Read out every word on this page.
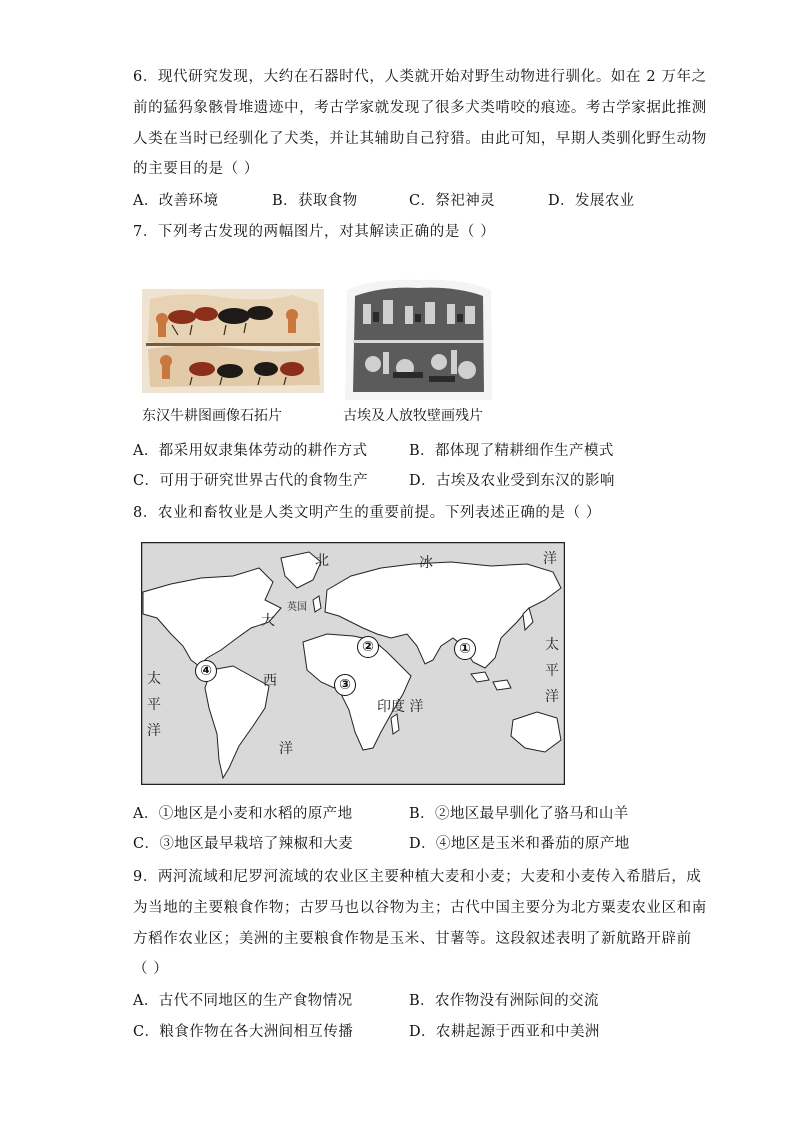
6．现代研究发现，大约在石器时代，人类就开始对野生动物进行驯化。如在 2 万年之
前的猛犸象骸骨堆遗迹中，考古学家就发现了很多犬类啃咬的痕迹。考古学家据此推测
人类在当时已经驯化了犬类，并让其辅助自己狩猎。由此可知，早期人类驯化野生动物
的主要目的是（ ）
A．改善环境	B．获取食物	C．祭祀神灵	D．发展农业
7．下列考古发现的两幅图片，对其解读正确的是（ ）
东汉牛耕图画像石拓片	古埃及人放牧壁画残片
A．都采用奴隶集体劳动的耕作方式	B．都体现了精耕细作生产模式
C．可用于研究世界古代的食物生产	D．古埃及农业受到东汉的影响
8．农业和畜牧业是人类文明产生的重要前提。下列表述正确的是（ ）
北	冰	洋
大
西
洋
太
平
洋
太
平
洋
印度 洋
英国
①
②
③
④
A．①地区是小麦和水稻的原产地	B．②地区最早驯化了骆马和山羊
C．③地区最早栽培了辣椒和大麦	D．④地区是玉米和番茄的原产地
9．两河流域和尼罗河流域的农业区主要种植大麦和小麦；大麦和小麦传入希腊后，成
为当地的主要粮食作物；古罗马也以谷物为主；古代中国主要分为北方粟麦农业区和南
方稻作农业区；美洲的主要粮食作物是玉米、甘薯等。这段叙述表明了新航路开辟前
（ ）
A．古代不同地区的生产食物情况	B．农作物没有洲际间的交流
C．粮食作物在各大洲间相互传播	D．农耕起源于西亚和中美洲
